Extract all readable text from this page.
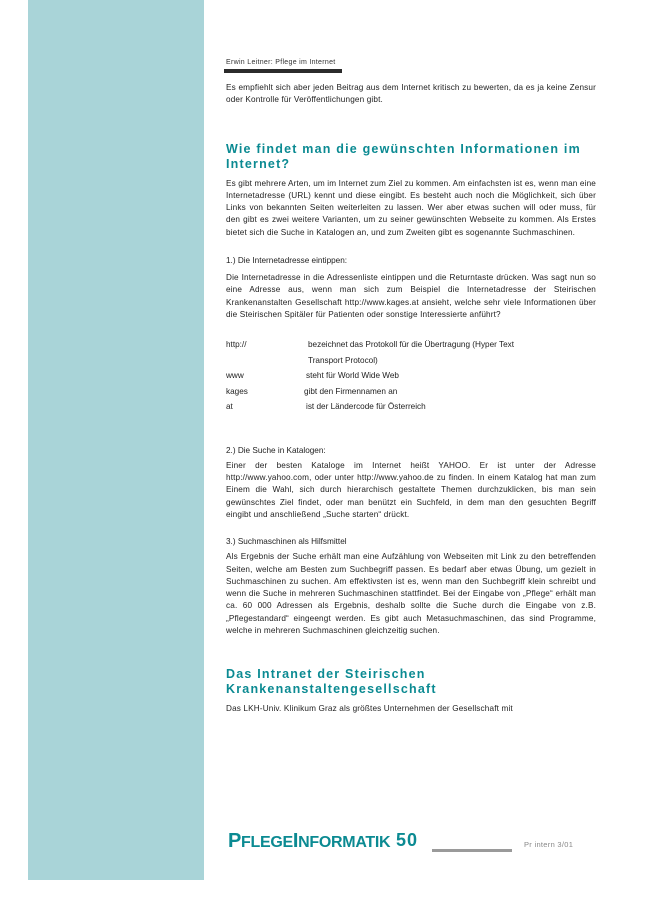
Erwin Leitner: Pflege im Internet

Es empfiehlt sich aber jeden Beitrag aus dem Internet kritisch zu bewerten, da es ja keine Zensur oder Kontrolle für Veröffentlichungen gibt.

Wie findet man die gewünschten Informationen im Internet?

Es gibt mehrere Arten, um im Internet zum Ziel zu kommen. Am einfachsten ist es, wenn man eine Internetadresse (URL) kennt und diese eingibt. Es besteht auch noch die Möglichkeit, sich über Links von bekannten Seiten weiterleiten zu lassen. Wer aber etwas suchen will oder muss, für den gibt es zwei weitere Varianten, um zu seiner gewünschten Webseite zu kommen. Als Erstes bietet sich die Suche in Katalogen an, und zum Zweiten gibt es sogenannte Suchmaschinen.

1.) Die Internetadresse eintippen:

Die Internetadresse in die Adressenliste eintippen und die Returntaste drücken. Was sagt nun so eine Adresse aus, wenn man sich zum Beispiel die Internetadresse der Steirischen Krankenanstalten Gesellschaft http://www.kages.at ansieht, welche sehr viele Informationen über die Steirischen Spitäler für Patienten oder sonstige Interessierte anführt?

http://	bezeichnet das Protokoll für die Übertragung (Hyper Text
Transport Protocol)
www	steht für World Wide Web
kages	gibt den Firmennamen an
at	ist der Ländercode für Österreich
2.) Die Suche in Katalogen:

Einer der besten Kataloge im Internet heißt YAHOO. Er ist unter der Adresse http://www.yahoo.com, oder unter http://www.yahoo.de zu finden. In einem Katalog hat man zum Einem die Wahl, sich durch hierarchisch gestaltete Themen durchzuklicken, bis man sein gewünschtes Ziel findet, oder man benützt ein Suchfeld, in dem man den gesuchten Begriff eingibt und anschließend „Suche starten“ drückt.

3.) Suchmaschinen als Hilfsmittel

Als Ergebnis der Suche erhält man eine Aufzählung von Webseiten mit Link zu den betreffenden Seiten, welche am Besten zum Suchbegriff passen. Es bedarf aber etwas Übung, um gezielt in Suchmaschinen zu suchen. Am effektivsten ist es, wenn man den Suchbegriff klein schreibt und wenn die Suche in mehreren Suchmaschinen stattfindet. Bei der Eingabe von „Pflege“ erhält man ca. 60 000 Adressen als Ergebnis, deshalb sollte die Suche durch die Eingabe von z.B. „Pflegestandard“ eingeengt werden. Es gibt auch Metasuchmaschinen, das sind Programme, welche in mehreren Suchmaschinen gleichzeitig suchen.

Das Intranet der Steirischen Krankenanstaltengesellschaft

Das LKH-Univ. Klinikum Graz als größtes Unternehmen der Gesellschaft mit

PFLEGEINFORMATIK 50	Pr intern 3/01
